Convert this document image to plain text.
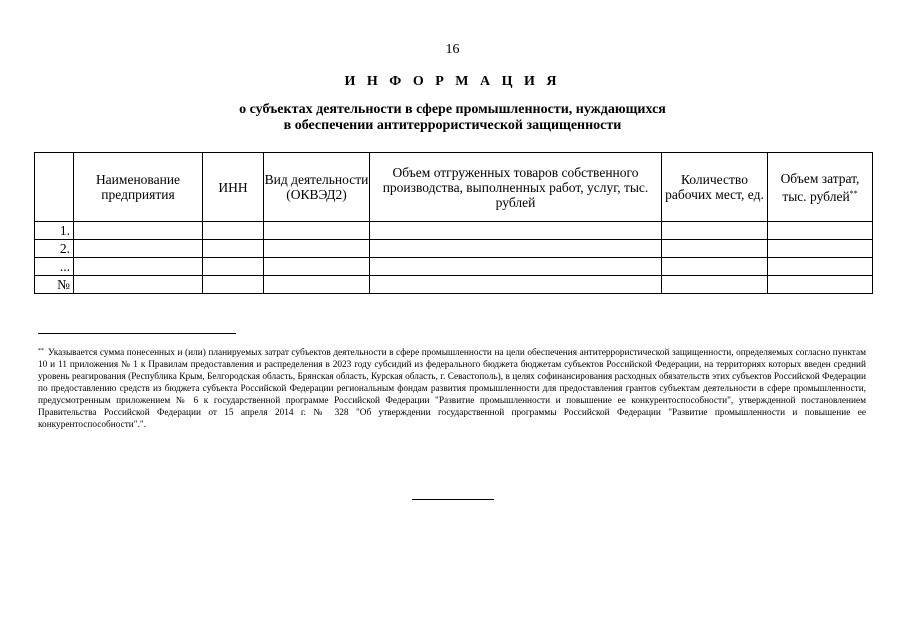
16
И Н Ф О Р М А Ц И Я
о субъектах деятельности в сфере промышленности, нуждающихся
в обеспечении антитеррористической защищенности
	Наименование предприятия	ИНН	Вид деятельности (ОКВЭД2)	Объем отгруженных товаров собственного производства, выполненных работ, услуг, тыс. рублей	Количество рабочих мест, ед.	Объем затрат, тыс. рублей**
1.						
2.						
...						
№						
** Указывается сумма понесенных и (или) планируемых затрат субъектов деятельности в сфере промышленности на цели обеспечения антитеррористической защищенности, определяемых согласно пунктам 10 и 11 приложения № 1 к Правилам предоставления и распределения в 2023 году субсидий из федерального бюджета бюджетам субъектов Российской Федерации, на территориях которых введен средний уровень реагирования (Республика Крым, Белгородская область, Брянская область, Курская область, г. Севастополь), в целях софинансирования расходных обязательств этих субъектов Российской Федерации по предоставлению средств из бюджета субъекта Российской Федерации региональным фондам развития промышленности для предоставления грантов субъектам деятельности в сфере промышленности, предусмотренным приложением № 6 к государственной программе Российской Федерации "Развитие промышленности и повышение ее конкурентоспособности", утвержденной постановлением Правительства Российской Федерации от 15 апреля 2014 г. № 328 "Об утверждении государственной программы Российской Федерации "Развитие промышленности и повышение ее конкурентоспособности".".
